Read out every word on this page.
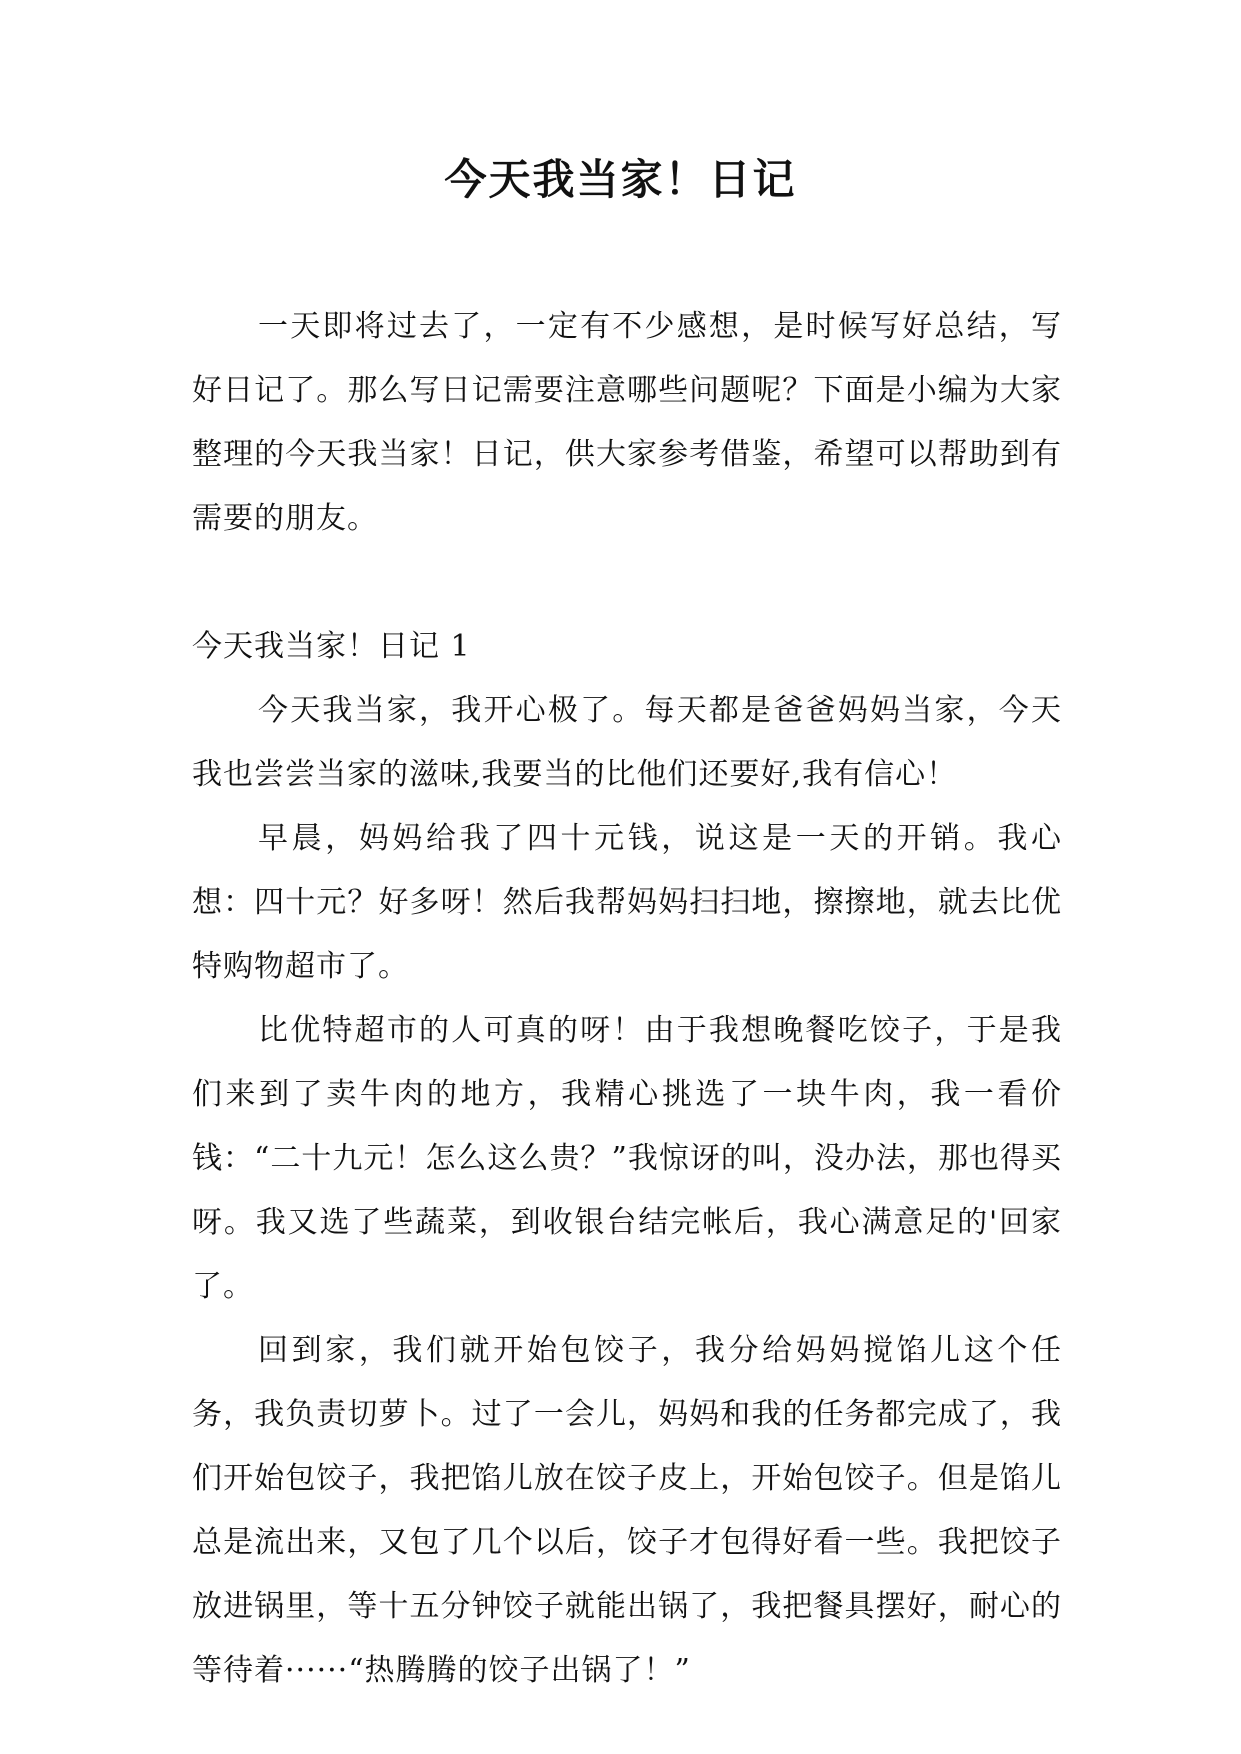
今天我当家！日记

一天即将过去了，一定有不少感想，是时候写好总结，写好日记了。那么写日记需要注意哪些问题呢？下面是小编为大家整理的今天我当家！日记，供大家参考借鉴，希望可以帮助到有需要的朋友。

今天我当家！日记 1

今天我当家，我开心极了。每天都是爸爸妈妈当家，今天我也尝尝当家的滋味,我要当的比他们还要好,我有信心！

早晨，妈妈给我了四十元钱，说这是一天的开销。我心想：四十元？好多呀！然后我帮妈妈扫扫地，擦擦地，就去比优特购物超市了。

比优特超市的人可真的呀！由于我想晚餐吃饺子，于是我们来到了卖牛肉的地方，我精心挑选了一块牛肉，我一看价钱：“二十九元！怎么这么贵？”我惊讶的叫，没办法，那也得买呀。我又选了些蔬菜，到收银台结完帐后，我心满意足的'回家了。

回到家，我们就开始包饺子，我分给妈妈搅馅儿这个任务，我负责切萝卜。过了一会儿，妈妈和我的任务都完成了，我们开始包饺子，我把馅儿放在饺子皮上，开始包饺子。但是馅儿总是流出来，又包了几个以后，饺子才包得好看一些。我把饺子放进锅里，等十五分钟饺子就能出锅了，我把餐具摆好，耐心的等待着······“热腾腾的饺子出锅了！”
